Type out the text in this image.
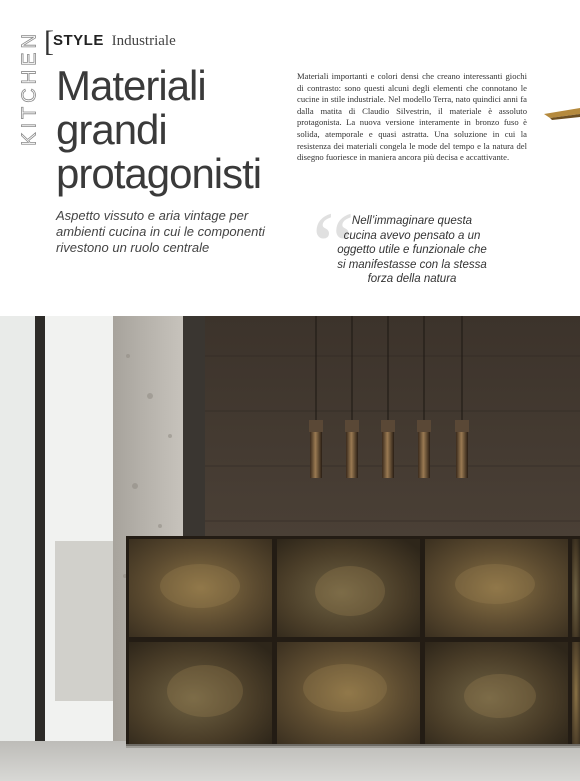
KITCHEN [ STYLE Industriale
Materiali
grandi
protagonisti
Aspetto vissuto e aria vintage per ambienti cucina in cui le componenti rivestono un ruolo centrale
Materiali importanti e colori densi che creano interessanti giochi di contrasto: sono questi alcuni degli elementi che connotano le cucine in stile industriale. Nel modello Terra, nato quindici anni fa dalla matita di Claudio Silvestrin, il materiale è assoluto protagonista. La nuova versione interamente in bronzo fuso è solida, atemporale e quasi astratta. Una soluzione in cui la resistenza dei materiali congela le mode del tempo e la natura del disegno fuoriesce in maniera ancora più decisa e accattivante.
“
Nell’immaginare questa cucina avevo pensato a un oggetto utile e funzionale che si manifestasse con la stessa forza della natura
